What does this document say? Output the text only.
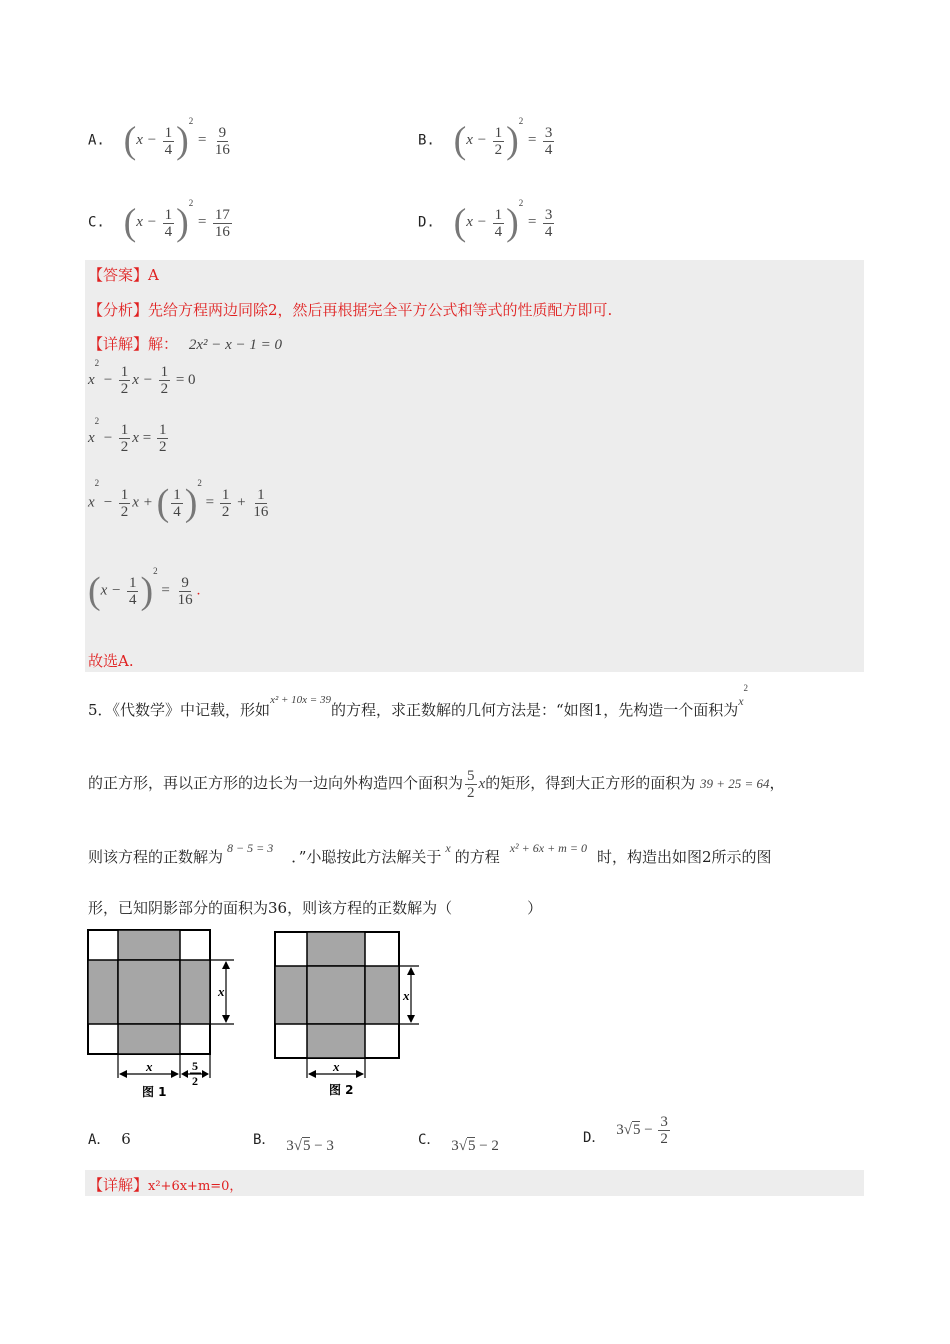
A. $(x - \frac{1}{4} )^2 = \frac{9}{16}$	B. $(x - \frac{1}{2} )^2 = \frac{3}{4}$
C. $(x - \frac{1}{4} )^2 = \frac{17}{16}$	D. $(x - \frac{1}{4} )^2 = \frac{3}{4}$
【答案】A
【分析】先给方程两边同除2，然后再根据完全平方公式和等式的性质配方即可.
【详解】解： 2x² − x − 1 = 0
$x^2 - \frac{1}{2}$ $x - \frac{1}{2} = 0$
$x^2 - \frac{1}{2}$ $x = \frac{1}{2}$
$x^2 - \frac{1}{2}$ x + ( $\frac{1}{4} )^2 = \frac{1}{2} + \frac{1}{16}$
$(x - \frac{1}{4} )^2 = \frac{9}{16}$ .
故选A.
5．《代数学》中记载，形如$^{x^2 + 10x = 39}$的方程，求正数解的几何方法是：“如图1，先构造一个面积为$^{x^2}$
的正方形，再以正方形的边长为一边向外构造四个面积为 $\frac{5}{2}$ x的矩形，得到大正方形的面积为 39 + 25 = 64，
则该方程的正数解为 $^{8 - 5 = 3}$ ．”小聪按此方法解关于 $^x$ 的方程 $^{x^2 + 6x + m = 0}$ 时，构造出如图2所示的图
形，已知阴影部分的面积为36，则该方程的正数解为（　　　　　）
x
x	5
2
图 1
x
x
图 2
A． 6	B． 3√5 − 3	C． 3√5 − 2
D． $3√5 - \frac{3}{2}$
【详解】x²+6x+m=0，
